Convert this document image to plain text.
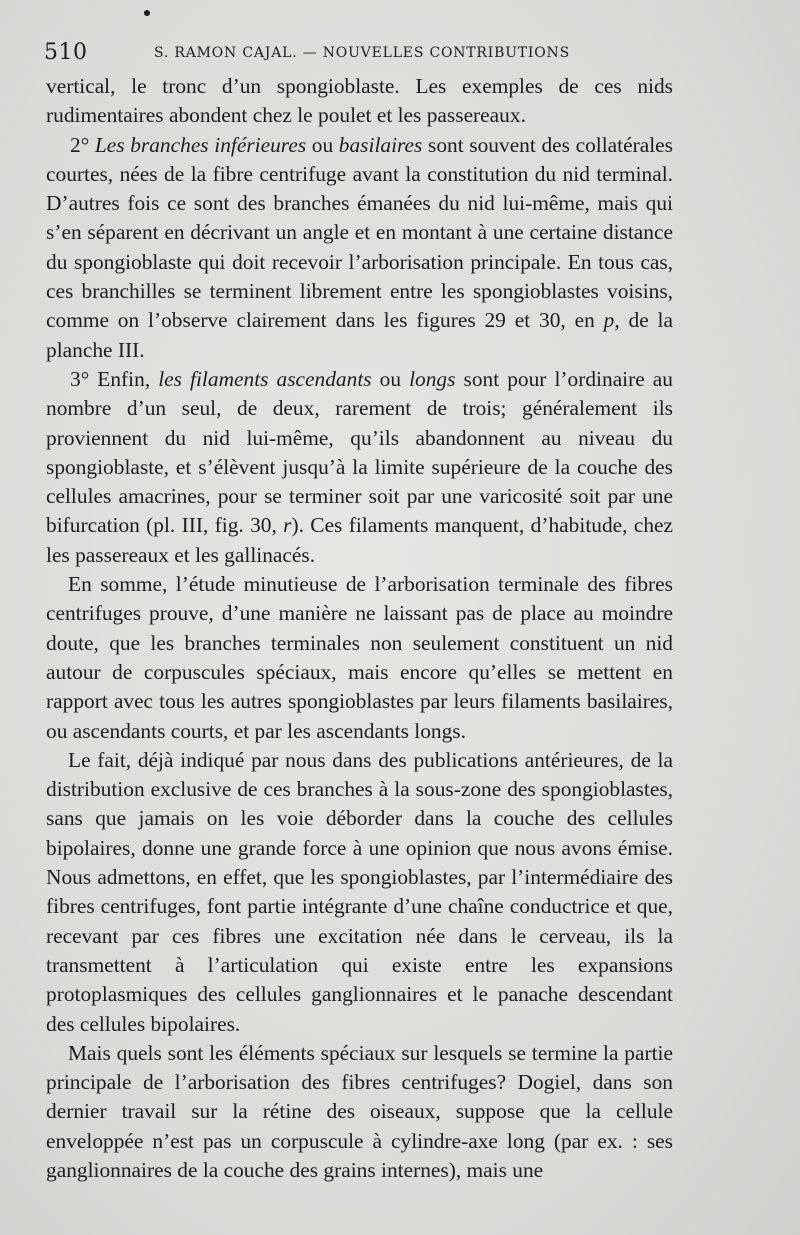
510	S. RAMON CAJAL. — NOUVELLES CONTRIBUTIONS

vertical, le tronc d’un spongioblaste. Les exemples de ces nids rudimentaires abondent chez le poulet et les passereaux.

2° Les branches inférieures ou basilaires sont souvent des collatérales courtes, nées de la fibre centrifuge avant la constitution du nid terminal. D’autres fois ce sont des branches émanées du nid lui-même, mais qui s’en séparent en décrivant un angle et en montant à une certaine distance du spongioblaste qui doit recevoir l’arborisation principale. En tous cas, ces branchilles se terminent librement entre les spongioblastes voisins, comme on l’observe clairement dans les figures 29 et 30, en p, de la planche III.

3° Enfin, les filaments ascendants ou longs sont pour l’ordinaire au nombre d’un seul, de deux, rarement de trois; généralement ils proviennent du nid lui-même, qu’ils abandonnent au niveau du spongioblaste, et s’élèvent jusqu’à la limite supérieure de la couche des cellules amacrines, pour se terminer soit par une varicosité soit par une bifurcation (pl. III, fig. 30, r). Ces filaments manquent, d’habitude, chez les passereaux et les gallinacés.

En somme, l’étude minutieuse de l’arborisation terminale des fibres centrifuges prouve, d’une manière ne laissant pas de place au moindre doute, que les branches terminales non seulement constituent un nid autour de corpuscules spéciaux, mais encore qu’elles se mettent en rapport avec tous les autres spongioblastes par leurs filaments basilaires, ou ascendants courts, et par les ascendants longs.

Le fait, déjà indiqué par nous dans des publications antérieures, de la distribution exclusive de ces branches à la sous-zone des spongioblastes, sans que jamais on les voie déborder dans la couche des cellules bipolaires, donne une grande force à une opinion que nous avons émise. Nous admettons, en effet, que les spongioblastes, par l’intermédiaire des fibres centrifuges, font partie intégrante d’une chaîne conductrice et que, recevant par ces fibres une excitation née dans le cerveau, ils la transmettent à l’articulation qui existe entre les expansions protoplasmiques des cellules ganglionnaires et le panache descendant des cellules bipolaires.

Mais quels sont les éléments spéciaux sur lesquels se termine la partie principale de l’arborisation des fibres centrifuges? Dogiel, dans son dernier travail sur la rétine des oiseaux, suppose que la cellule enveloppée n’est pas un corpuscule à cylindre-axe long (par ex. : ses ganglionnaires de la couche des grains internes), mais une
